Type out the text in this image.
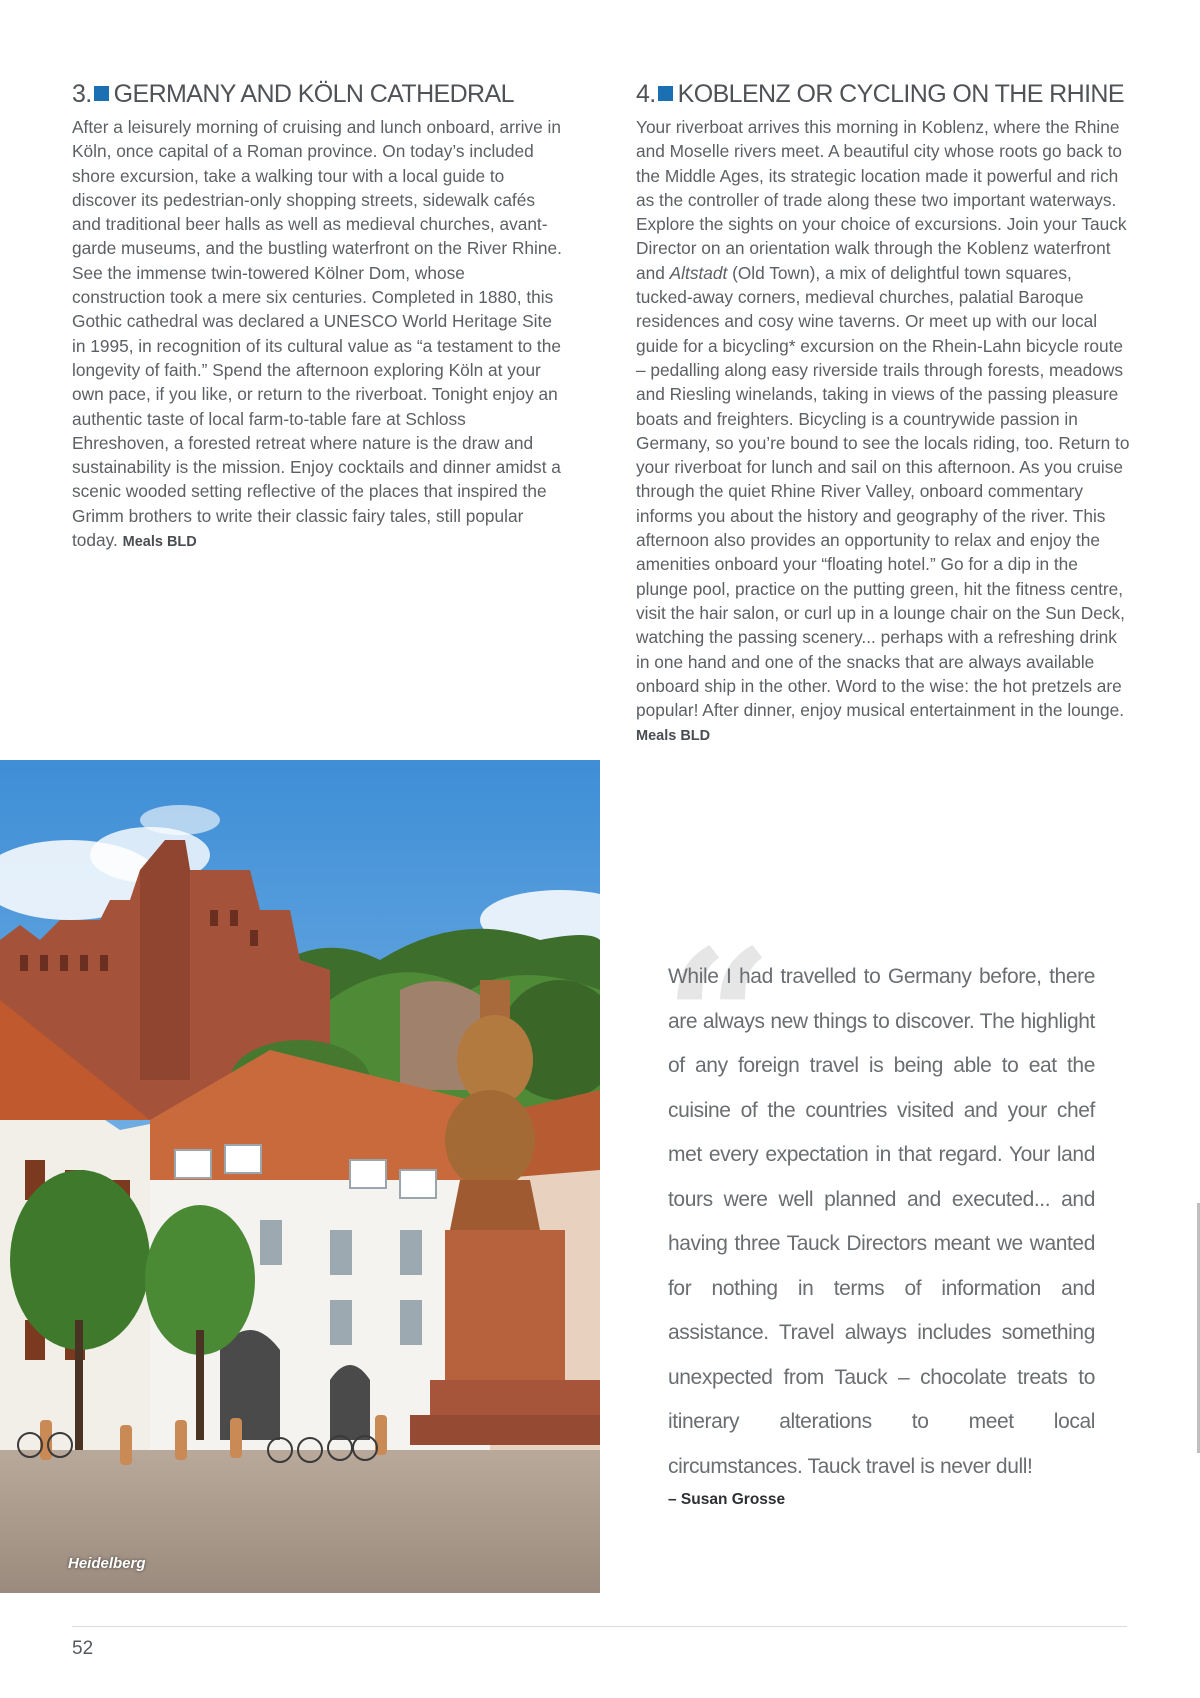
3. GERMANY AND KÖLN CATHEDRAL

After a leisurely morning of cruising and lunch onboard, arrive in Köln, once capital of a Roman province. On today’s included shore excursion, take a walking tour with a local guide to discover its pedestrian-only shopping streets, sidewalk cafés and traditional beer halls as well as medieval churches, avant-garde museums, and the bustling waterfront on the River Rhine. See the immense twin-towered Kölner Dom, whose construction took a mere six centuries. Completed in 1880, this Gothic cathedral was declared a UNESCO World Heritage Site in 1995, in recognition of its cultural value as “a testament to the longevity of faith.” Spend the afternoon exploring Köln at your own pace, if you like, or return to the riverboat. Tonight enjoy an authentic taste of local farm-to-table fare at Schloss Ehreshoven, a forested retreat where nature is the draw and sustainability is the mission. Enjoy cocktails and dinner amidst a scenic wooded setting reflective of the places that inspired the Grimm brothers to write their classic fairy tales, still popular today. Meals BLD

4. KOBLENZ OR CYCLING ON THE RHINE

Your riverboat arrives this morning in Koblenz, where the Rhine and Moselle rivers meet. A beautiful city whose roots go back to the Middle Ages, its strategic location made it powerful and rich as the controller of trade along these two important waterways. Explore the sights on your choice of excursions. Join your Tauck Director on an orientation walk through the Koblenz waterfront and Altstadt (Old Town), a mix of delightful town squares, tucked-away corners, medieval churches, palatial Baroque residences and cosy wine taverns. Or meet up with our local guide for a bicycling* excursion on the Rhein-Lahn bicycle route – pedalling along easy riverside trails through forests, meadows and Riesling winelands, taking in views of the passing pleasure boats and freighters. Bicycling is a countrywide passion in Germany, so you’re bound to see the locals riding, too. Return to your riverboat for lunch and sail on this afternoon. As you cruise through the quiet Rhine River Valley, onboard commentary informs you about the history and geography of the river. This afternoon also provides an opportunity to relax and enjoy the amenities onboard your “floating hotel.” Go for a dip in the plunge pool, practice on the putting green, hit the fitness centre, visit the hair salon, or curl up in a lounge chair on the Sun Deck, watching the passing scenery... perhaps with a refreshing drink in one hand and one of the snacks that are always available onboard ship in the other. Word to the wise: the hot pretzels are popular! After dinner, enjoy musical entertainment in the lounge. Meals BLD

Heidelberg
“

While I had travelled to Germany before, there are always new things to discover. The highlight of any foreign travel is being able to eat the cuisine of the countries visited and your chef met every expectation in that regard. Your land tours were well planned and executed... and having three Tauck Directors meant we wanted for nothing in terms of information and assistance. Travel always includes something unexpected from Tauck – chocolate treats to itinerary alterations to meet local circumstances. Tauck travel is never dull!

– Susan Grosse
52
